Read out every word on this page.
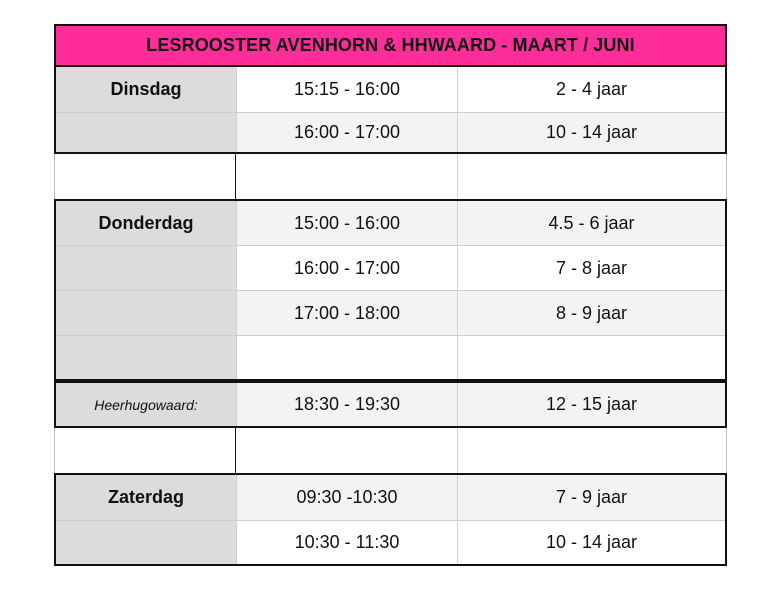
LESROOSTER AVENHORN & HHWAARD - MAART / JUNI
Dinsdag	15:15 - 16:00	2 - 4 jaar
16:00 - 17:00	10 - 14 jaar
Donderdag	15:00 - 16:00	4.5 - 6 jaar
16:00 - 17:00	7 - 8 jaar
17:00 - 18:00	8 - 9 jaar
Heerhugowaard:	18:30 - 19:30	12 - 15 jaar
Zaterdag	09:30 -10:30	7 - 9 jaar
10:30 - 11:30	10 - 14 jaar
